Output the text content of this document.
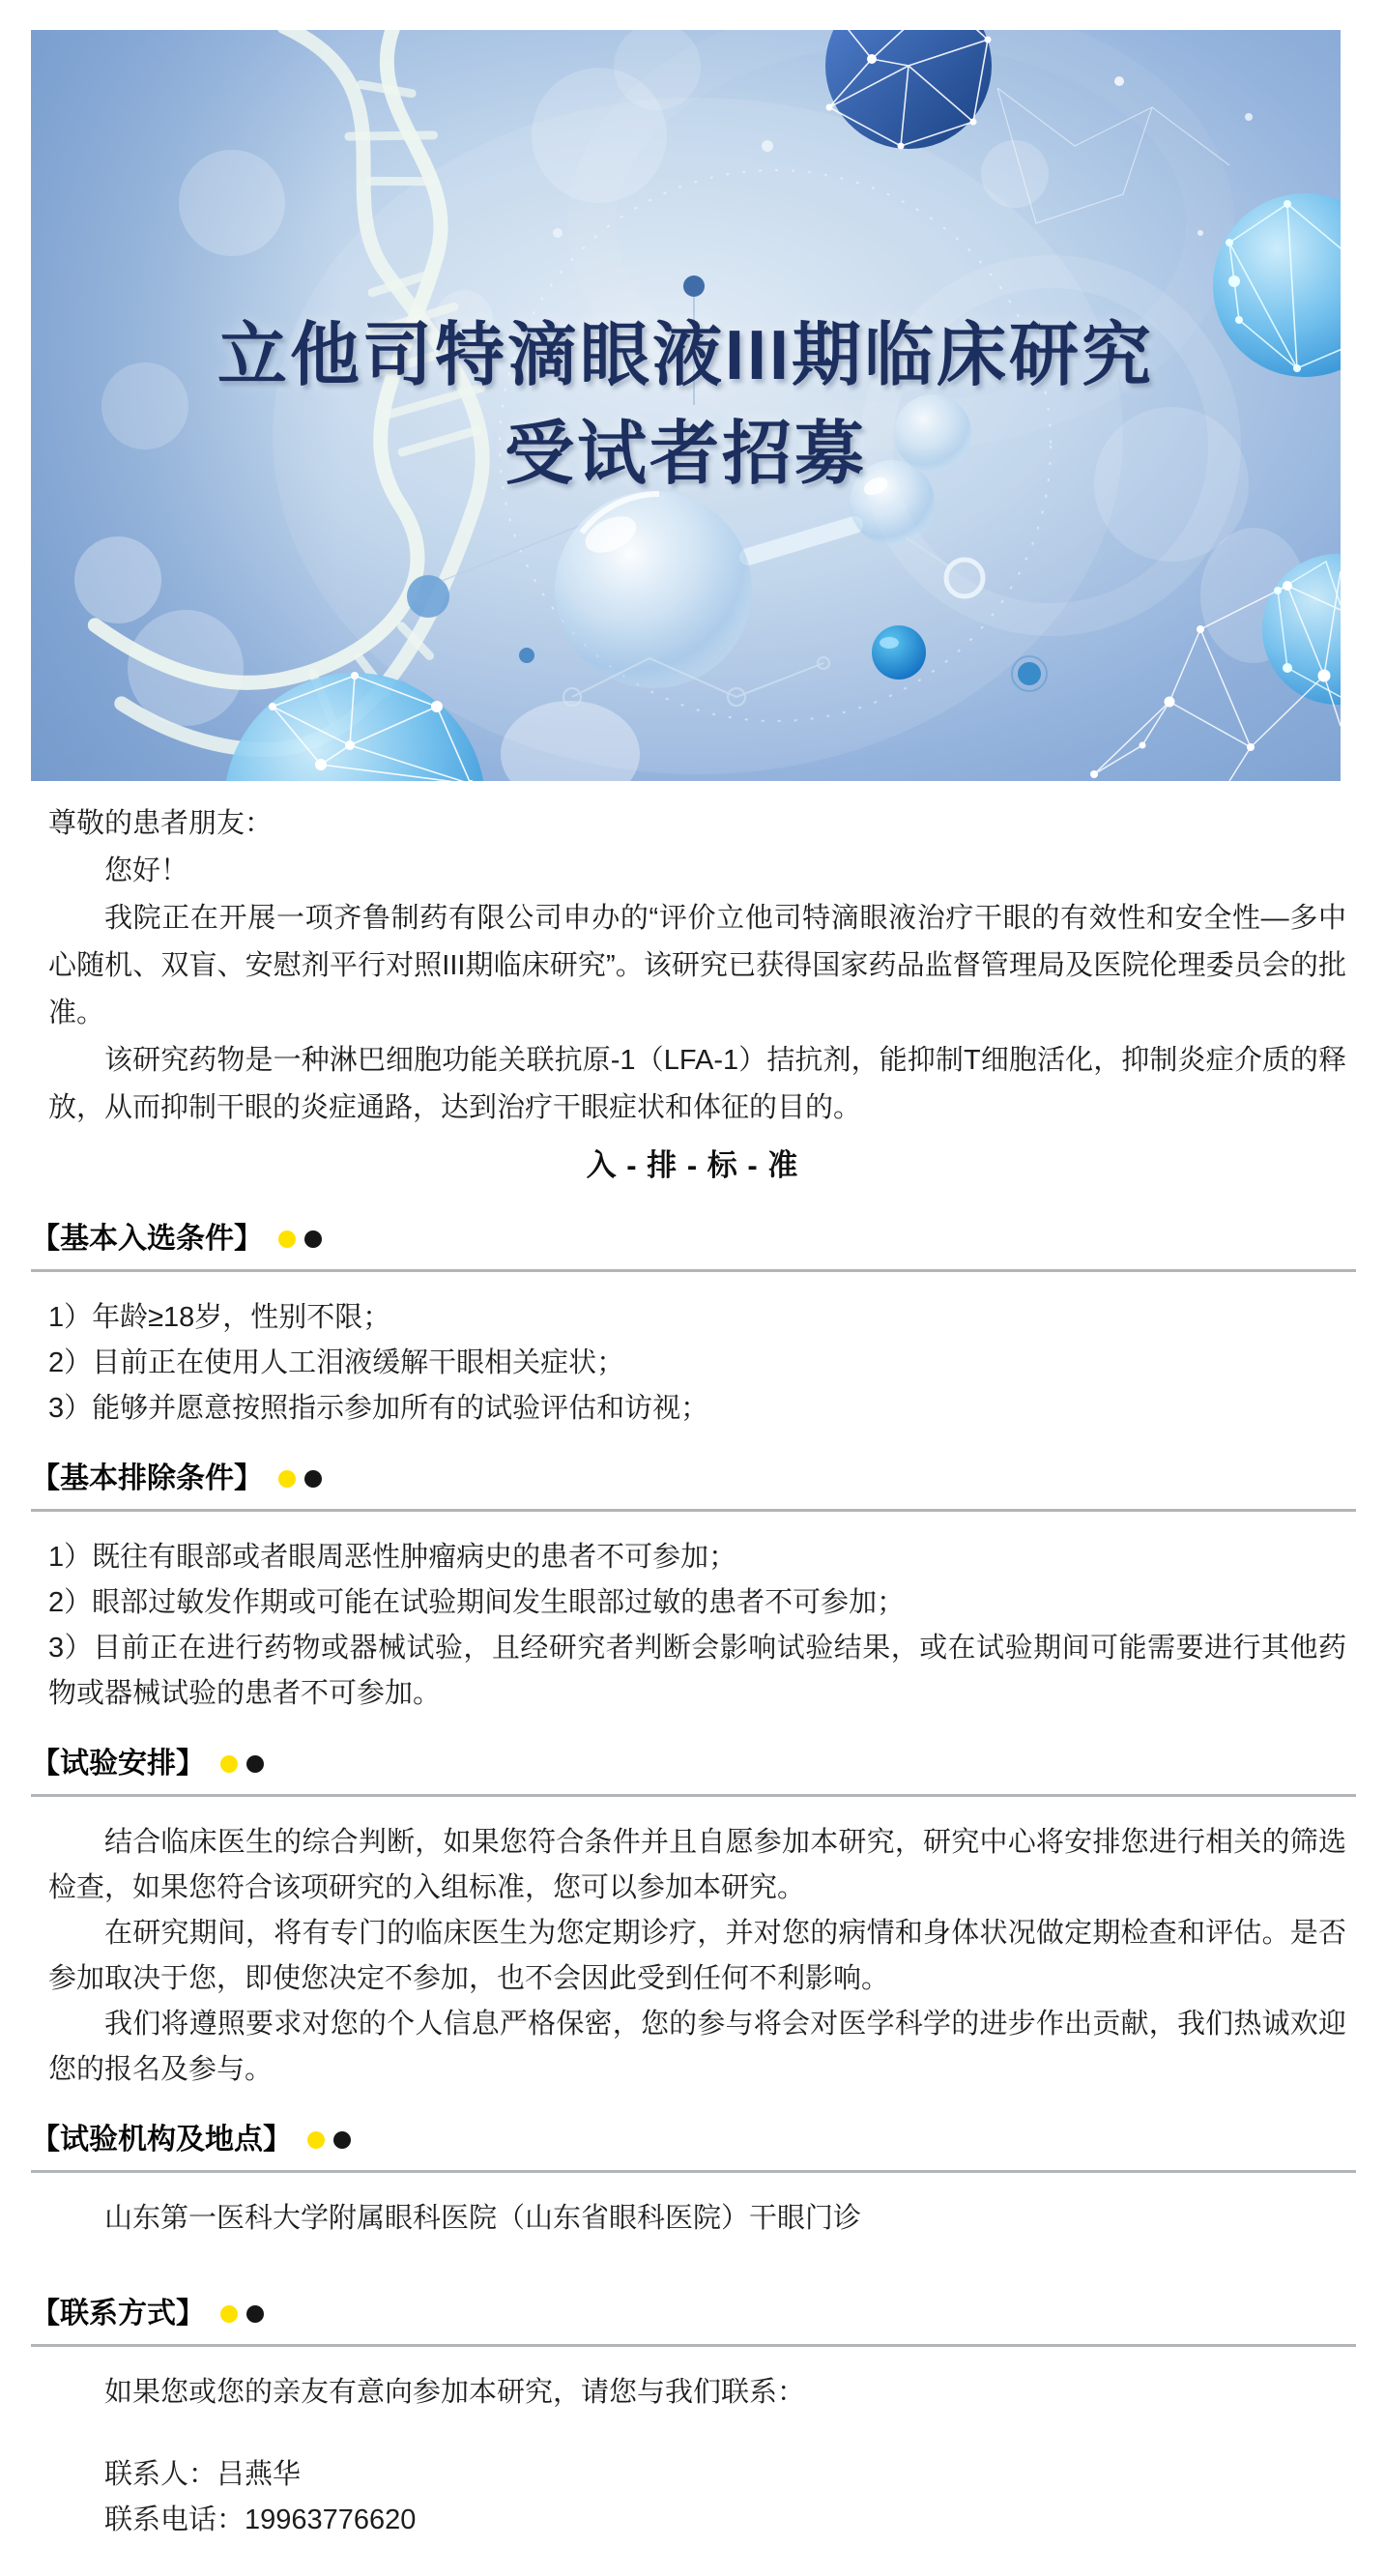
立他司特滴眼液III期临床研究
受试者招募

尊敬的患者朋友：

您好！

我院正在开展一项齐鲁制药有限公司申办的“评价立他司特滴眼液治疗干眼的有效性和安全性—多中心随机、双盲、安慰剂平行对照III期临床研究”。该研究已获得国家药品监督管理局及医院伦理委员会的批准。

该研究药物是一种淋巴细胞功能关联抗原-1（LFA-1）拮抗剂，能抑制T细胞活化，抑制炎症介质的释放，从而抑制干眼的炎症通路，达到治疗干眼症状和体征的目的。

入 - 排 - 标 - 准
【基本入选条件】

1）年龄≥18岁，性别不限；

2）目前正在使用人工泪液缓解干眼相关症状；

3）能够并愿意按照指示参加所有的试验评估和访视；

【基本排除条件】

1）既往有眼部或者眼周恶性肿瘤病史的患者不可参加；

2）眼部过敏发作期或可能在试验期间发生眼部过敏的患者不可参加；

3）目前正在进行药物或器械试验，且经研究者判断会影响试验结果，或在试验期间可能需要进行其他药物或器械试验的患者不可参加。

【试验安排】

结合临床医生的综合判断，如果您符合条件并且自愿参加本研究，研究中心将安排您进行相关的筛选检查，如果您符合该项研究的入组标准，您可以参加本研究。

在研究期间，将有专门的临床医生为您定期诊疗，并对您的病情和身体状况做定期检查和评估。是否参加取决于您，即使您决定不参加，也不会因此受到任何不利影响。

我们将遵照要求对您的个人信息严格保密，您的参与将会对医学科学的进步作出贡献，我们热诚欢迎您的报名及参与。

【试验机构及地点】

山东第一医科大学附属眼科医院（山东省眼科医院）干眼门诊

【联系方式】

如果您或您的亲友有意向参加本研究，请您与我们联系：

联系人：吕燕华

联系电话：19963776620
